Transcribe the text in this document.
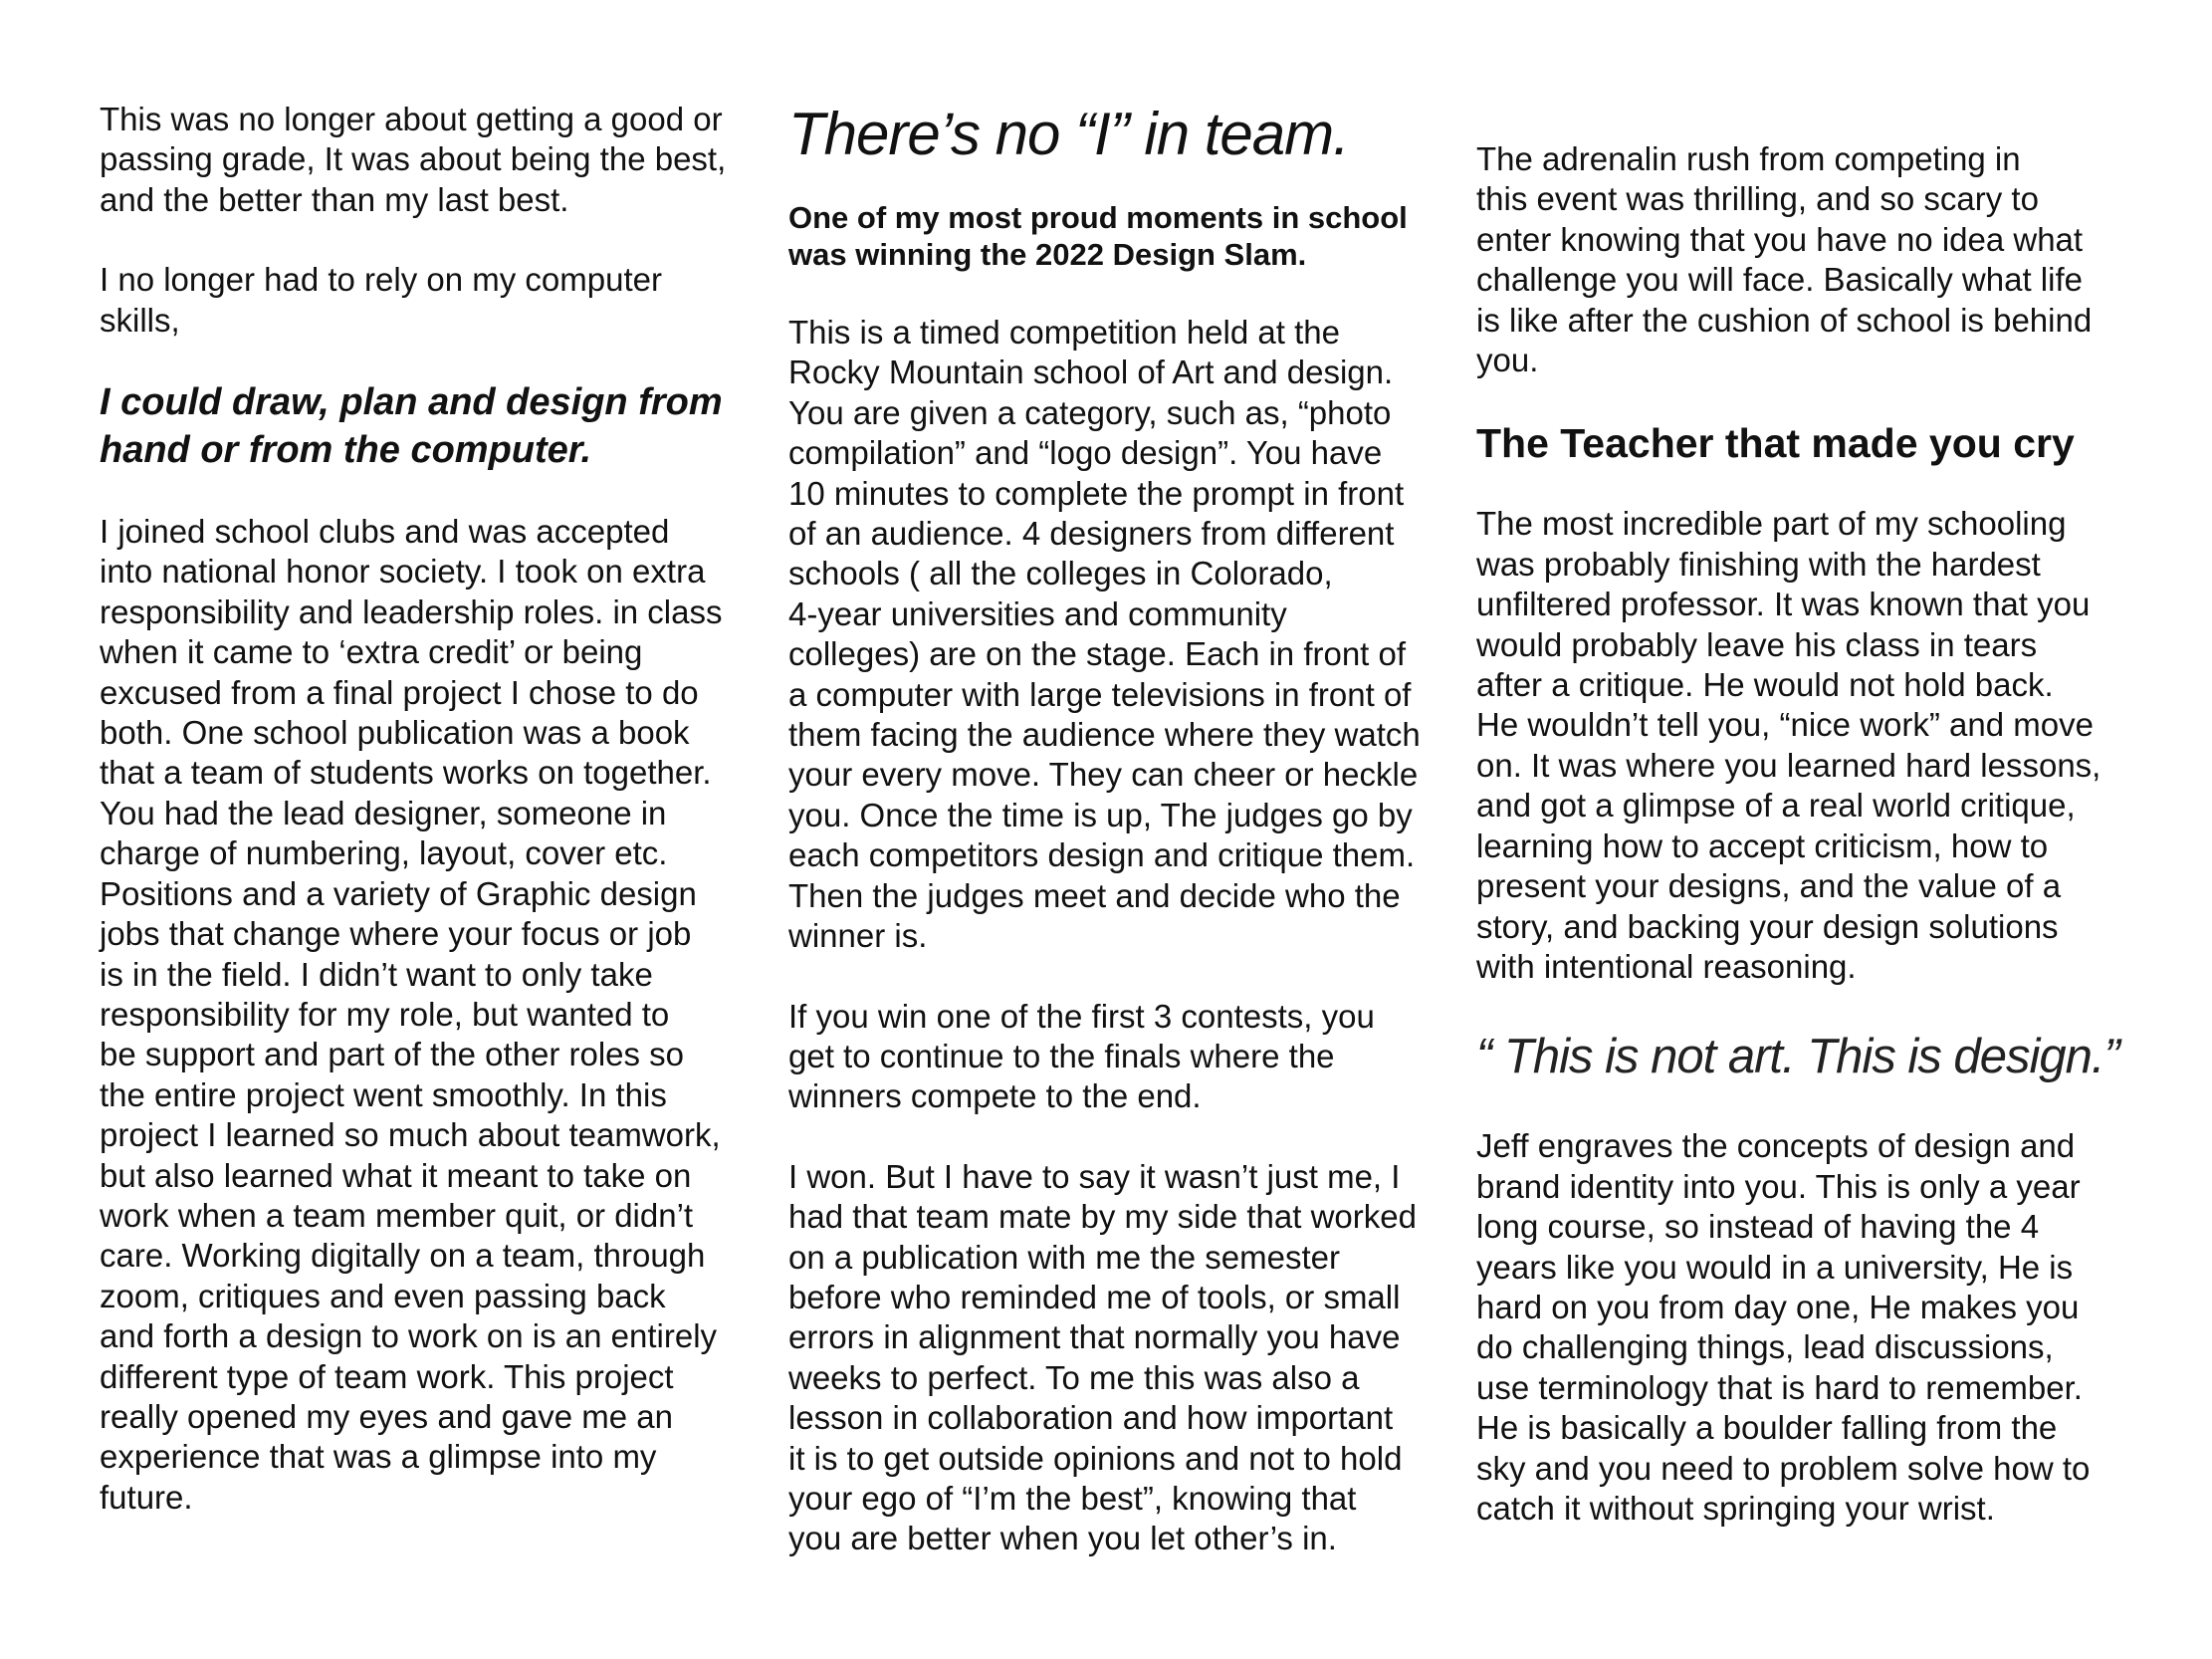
This was no longer about getting a good or
passing grade, It was about being the best,
and the better than my last best.

I no longer had to rely on my computer
skills,

I could draw, plan and design from hand or from the computer.

I joined school clubs and was accepted
into national honor society. I took on extra
responsibility and leadership roles. in class
when it came to ‘extra credit’ or being
excused from a final project I chose to do
both. One school publication was a book
that a team of students works on together.
You had the lead designer, someone in
charge of numbering, layout, cover etc.
Positions and a variety of Graphic design
jobs that change where your focus or job
is in the field. I didn’t want to only take
responsibility for my role, but wanted to
be support and part of the other roles so
the entire project went smoothly. In this
project I learned so much about teamwork,
but also learned what it meant to take on
work when a team member quit, or didn’t
care. Working digitally on a team, through
zoom, critiques and even passing back
and forth a design to work on is an entirely
different type of team work. This project
really opened my eyes and gave me an
experience that was a glimpse into my
future.

There’s no “I” in team.

One of my most proud moments in school
was winning the 2022 Design Slam.

This is a timed competition held at the
Rocky Mountain school of Art and design.
You are given a category, such as, “photo
compilation” and “logo design”. You have
10 minutes to complete the prompt in front
of an audience. 4 designers from different
schools ( all the colleges in Colorado,
4-year universities and community
colleges) are on the stage. Each in front of
a computer with large televisions in front of
them facing the audience where they watch
your every move. They can cheer or heckle
you. Once the time is up, The judges go by
each competitors design and critique them.
Then the judges meet and decide who the
winner is.

If you win one of the first 3 contests, you
get to continue to the finals where the
winners compete to the end.

I won. But I have to say it wasn’t just me, I
had that team mate by my side that worked
on a publication with me the semester
before who reminded me of tools, or small
errors in alignment that normally you have
weeks to perfect. To me this was also a
lesson in collaboration and how important
it is to get outside opinions and not to hold
your ego of “I’m the best”, knowing that
you are better when you let other’s in.

The adrenalin rush from competing in
this event was thrilling, and so scary to
enter knowing that you have no idea what
challenge you will face. Basically what life
is like after the cushion of school is behind
you.

The Teacher that made you cry

The most incredible part of my schooling
was probably finishing with the hardest
unfiltered professor. It was known that you
would probably leave his class in tears
after a critique. He would not hold back.
He wouldn’t tell you, “nice work” and move
on. It was where you learned hard lessons,
and got a glimpse of a real world critique,
learning how to accept criticism, how to
present your designs, and the value of a
story, and backing your design solutions
with intentional reasoning.

“ This is not art. This is design.”

Jeff engraves the concepts of design and
brand identity into you. This is only a year
long course, so instead of having the 4
years like you would in a university, He is
hard on you from day one, He makes you
do challenging things, lead discussions,
use terminology that is hard to remember.
He is basically a boulder falling from the
sky and you need to problem solve how to
catch it without springing your wrist.
